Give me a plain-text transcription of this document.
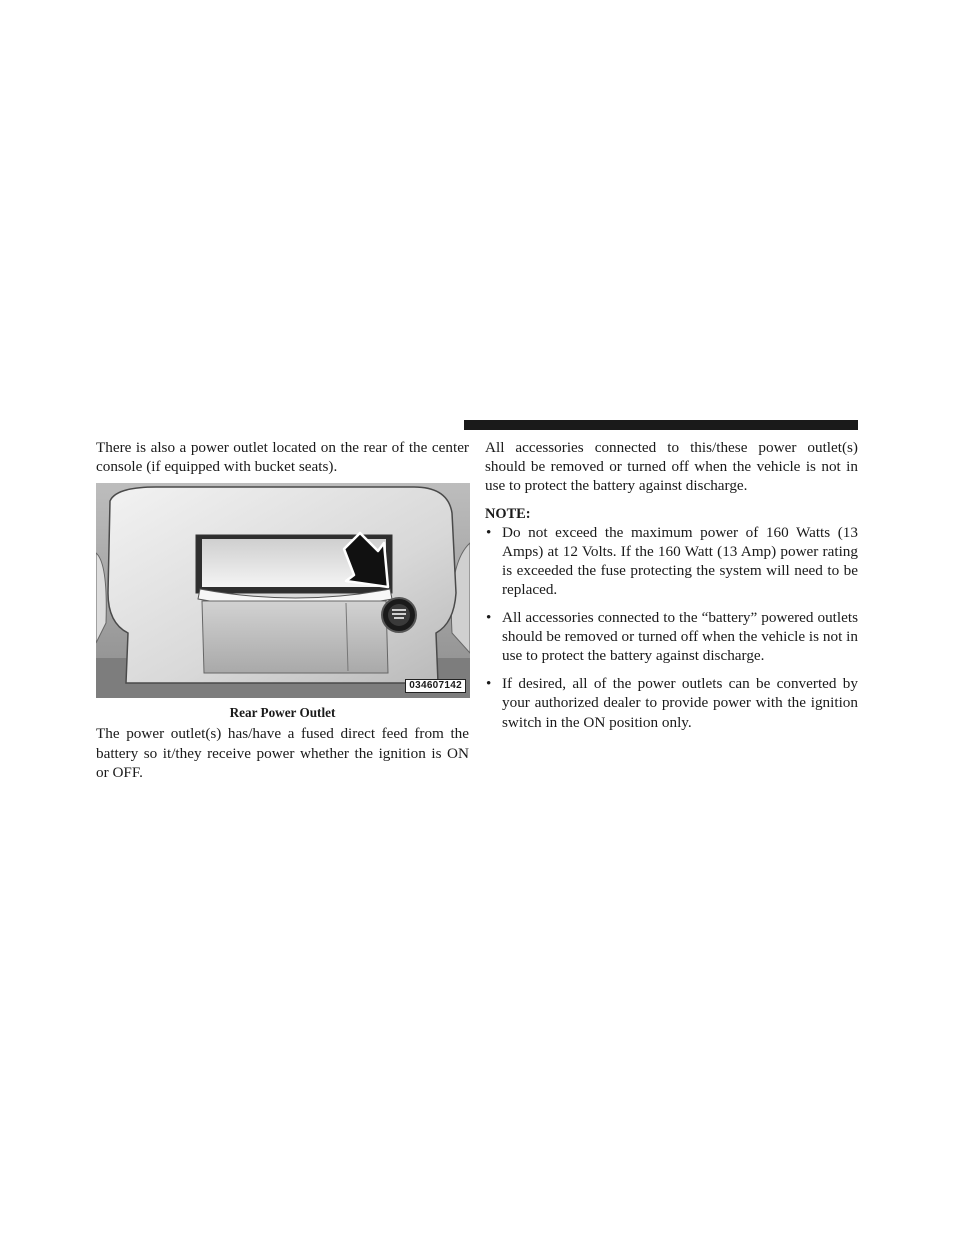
There is also a power outlet located on the rear of the center console (if equipped with bucket seats).

034607142
Rear Power Outlet

The power outlet(s) has/have a fused direct feed from the battery so it/they receive power whether the ignition is ON or OFF.

All accessories connected to this/these power outlet(s) should be removed or turned off when the vehicle is not in use to protect the battery against discharge.

NOTE:
• Do not exceed the maximum power of 160 Watts (13 Amps) at 12 Volts. If the 160 Watt (13 Amp) power rating is exceeded the fuse protecting the system will need to be replaced.
• All accessories connected to the “battery” powered outlets should be removed or turned off when the vehicle is not in use to protect the battery against discharge.
• If desired, all of the power outlets can be converted by your authorized dealer to provide power with the ignition switch in the ON position only.
